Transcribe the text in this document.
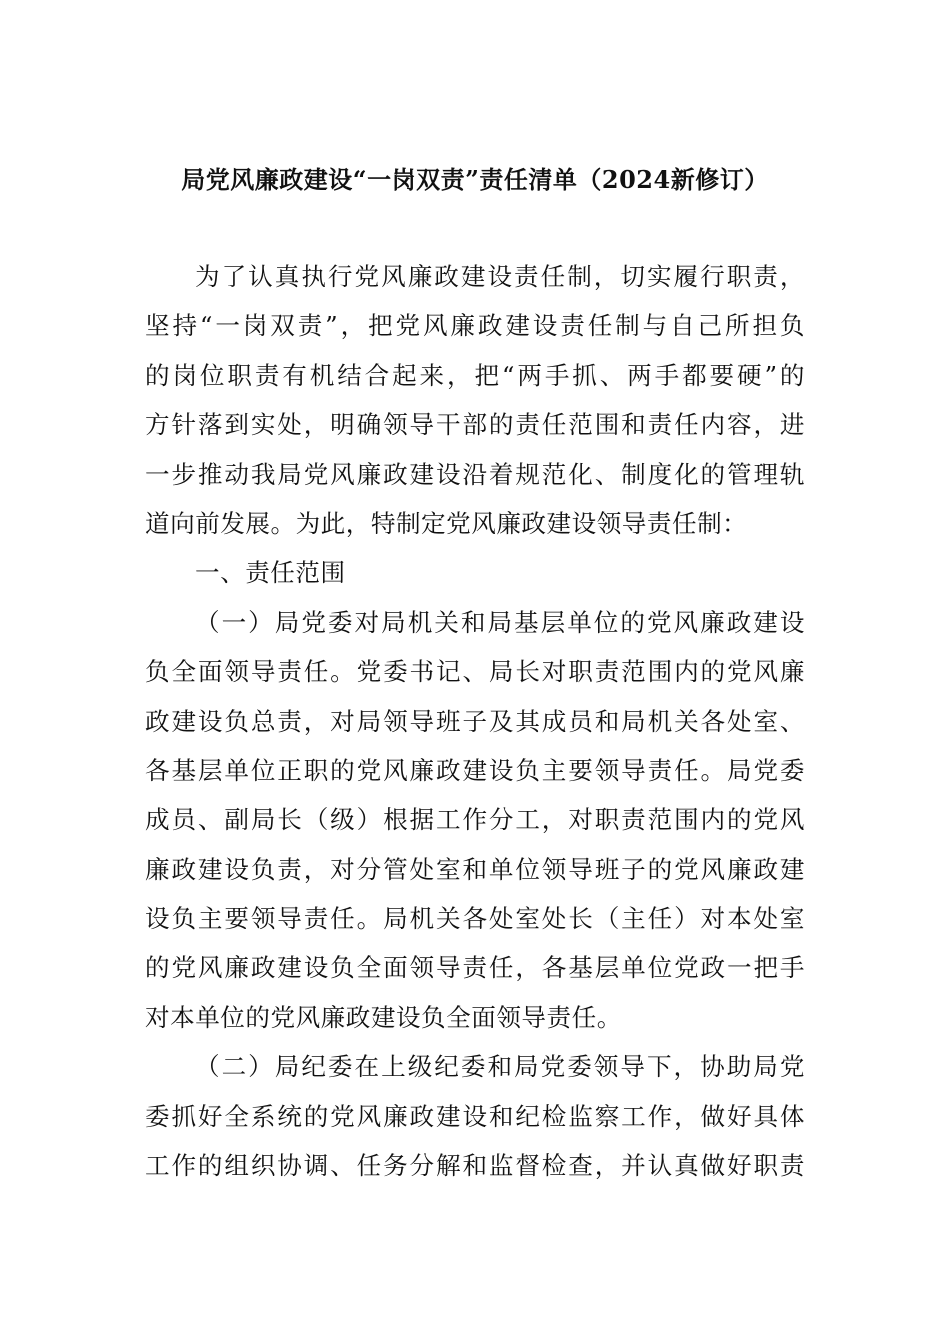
局党风廉政建设“一岗双责”责任清单（2024新修订）
为了认真执行党风廉政建设责任制，切实履行职责，
坚持“一岗双责”，把党风廉政建设责任制与自己所担负
的岗位职责有机结合起来，把“两手抓、两手都要硬”的
方针落到实处，明确领导干部的责任范围和责任内容，进
一步推动我局党风廉政建设沿着规范化、制度化的管理轨
道向前发展。为此，特制定党风廉政建设领导责任制：
一、责任范围
（一）局党委对局机关和局基层单位的党风廉政建设
负全面领导责任。党委书记、局长对职责范围内的党风廉
政建设负总责，对局领导班子及其成员和局机关各处室、
各基层单位正职的党风廉政建设负主要领导责任。局党委
成员、副局长（级）根据工作分工，对职责范围内的党风
廉政建设负责，对分管处室和单位领导班子的党风廉政建
设负主要领导责任。局机关各处室处长（主任）对本处室
的党风廉政建设负全面领导责任，各基层单位党政一把手
对本单位的党风廉政建设负全面领导责任。
（二）局纪委在上级纪委和局党委领导下，协助局党
委抓好全系统的党风廉政建设和纪检监察工作，做好具体
工作的组织协调、任务分解和监督检查，并认真做好职责
